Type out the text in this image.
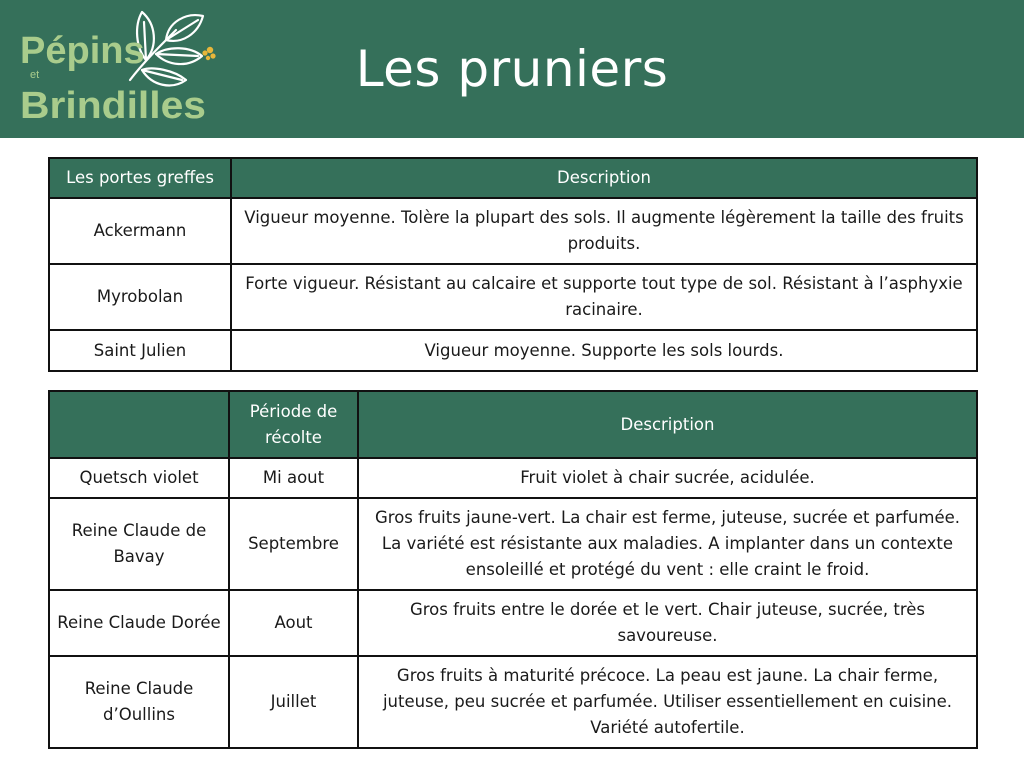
Pépins
et
Brindilles
Les pruniers
Les portes greffes	Description
Ackermann	Vigueur moyenne. Tolère la plupart des sols. Il augmente légèrement la taille des fruits produits.
Myrobolan	Forte vigueur. Résistant au calcaire et supporte tout type de sol. Résistant à l’asphyxie racinaire.
Saint Julien	Vigueur moyenne. Supporte les sols lourds.
	Période de récolte	Description
Quetsch violet	Mi aout	Fruit violet à chair sucrée, acidulée.
Reine Claude de Bavay	Septembre	Gros fruits jaune-vert. La chair est ferme, juteuse, sucrée et parfumée. La variété est résistante aux maladies. A implanter dans un contexte ensoleillé et protégé du vent : elle craint le froid.
Reine Claude Dorée	Aout	Gros fruits entre le dorée et le vert. Chair juteuse, sucrée, très savoureuse.
Reine Claude d’Oullins	Juillet	Gros fruits à maturité précoce. La peau est jaune. La chair ferme, juteuse, peu sucrée et parfumée. Utiliser essentiellement en cuisine. Variété autofertile.
